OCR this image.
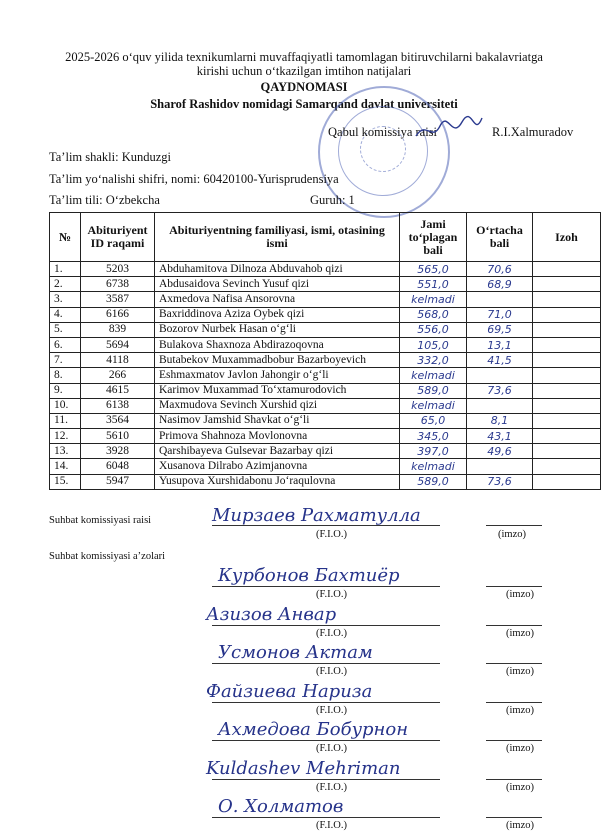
2025-2026 o‘quv yilida texnikumlarni muvaffaqiyatli tamomlagan bitiruvchilarni bakalavriatga
kirishi uchun o‘tkazilgan imtihon natijalari
QAYDNOMASI
Sharof Rashidov nomidagi Samarqand davlat universiteti
Qabul komissiya raisi	R.I.Xalmuradov
Ta’lim shakli: Kunduzgi
Ta’lim yo‘nalishi shifri, nomi: 60420100-Yurisprudensiya
Ta’lim tili: O‘zbekcha	Guruh: 1
№	Abituriyent ID raqami	Abituriyentning familiyasi, ismi, otasining ismi	Jami to‘plagan bali	O‘rtacha bali	Izoh
1.	5203	Abduhamitova Dilnoza Abduvahob qizi	565,0	70,6	
2.	6738	Abdusaidova Sevinch Yusuf qizi	551,0	68,9	
3.	3587	Axmedova Nafisa Ansorovna	kelmadi		
4.	6166	Baxriddinova Aziza Oybek qizi	568,0	71,0	
5.	839	Bozorov Nurbek Hasan o‘g‘li	556,0	69,5	
6.	5694	Bulakova Shaxnoza Abdirazoqovna	105,0	13,1	
7.	4118	Butabekov Muxammadbobur Bazarboyevich	332,0	41,5	
8.	266	Eshmaxmatov Javlon Jahongir o‘g‘li	kelmadi		
9.	4615	Karimov Muxammad To‘xtamurodovich	589,0	73,6	
10.	6138	Maxmudova Sevinch Xurshid qizi	kelmadi		
11.	3564	Nasimov Jamshid Shavkat o‘g‘li	65,0	8,1	
12.	5610	Primova Shahnoza Movlonovna	345,0	43,1	
13.	3928	Qarshibayeva Gulsevar Bazarbay qizi	397,0	49,6	
14.	6048	Xusanova Dilrabo Azimjanovna	kelmadi		
15.	5947	Yusupova Xurshidabonu Jo‘raqulovna	589,0	73,6	
Suhbat komissiyasi raisi	Мирзаев Рахматулла
(F.I.O.)	(imzo)
Suhbat komissiyasi a’zolari
Курбонов Бахтиёр
(F.I.O.)	(imzo)
Азизов Анвар
(F.I.O.)	(imzo)
Усмонов Актам
(F.I.O.)	(imzo)
Файзиева Нариза
(F.I.O.)	(imzo)
Ахмедова Бобурнон
(F.I.O.)	(imzo)
Kuldashev Mehriman
(F.I.O.)	(imzo)
О. Холматов
(F.I.O.)	(imzo)
